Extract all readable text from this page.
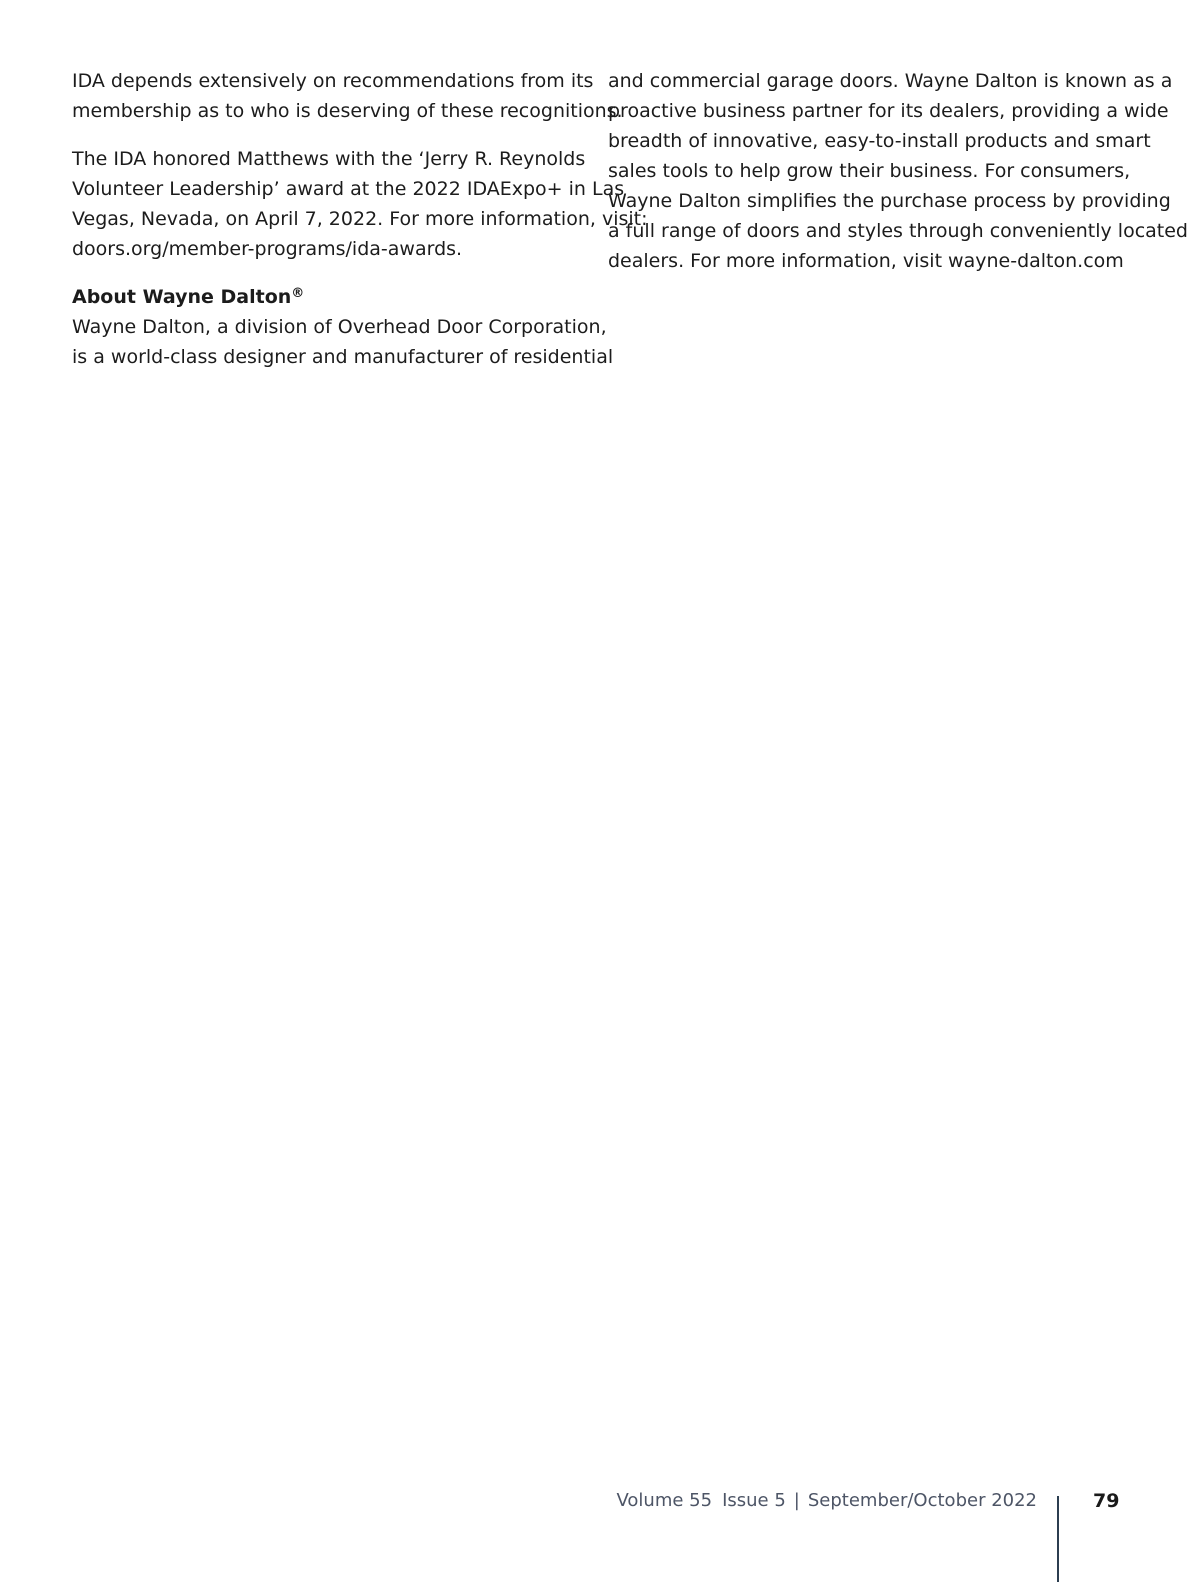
IDA depends extensively on recommendations from its
membership as to who is deserving of these recognitions.
The IDA honored Matthews with the ‘Jerry R. Reynolds
Volunteer Leadership’ award at the 2022 IDAExpo+ in Las
Vegas, Nevada, on April 7, 2022. For more information, visit:
doors.org/member-programs/ida-awards.
About Wayne Dalton®
Wayne Dalton, a division of Overhead Door Corporation,
is a world-class designer and manufacturer of residential
and commercial garage doors. Wayne Dalton is known as a
proactive business partner for its dealers, providing a wide
breadth of innovative, easy-to-install products and smart
sales tools to help grow their business. For consumers,
Wayne Dalton simplifies the purchase process by providing
a full range of doors and styles through conveniently located
dealers. For more information, visit wayne-dalton.com
Volume 55 Issue 5 | September/October 2022	79
